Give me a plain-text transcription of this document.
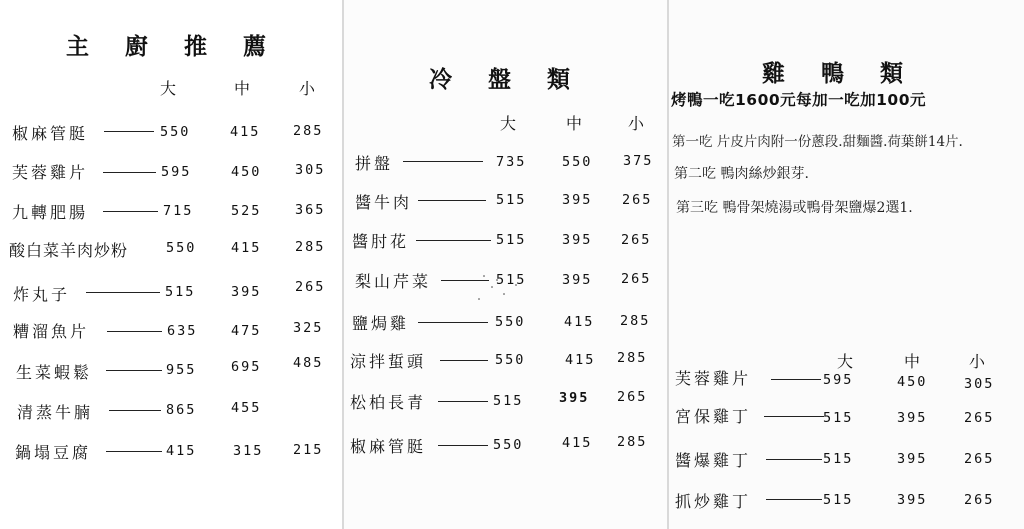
主 廚 推 薦
大	中	小
椒麻管脡	550	415 285
芙蓉雞片	595	450 305
九轉肥腸	715	525 365
酸白菜羊肉炒粉	550	415 285
炸丸子	515	395 265
糟溜魚片	635 475 325
生菜蝦鬆	955	695 485
清蒸牛腩	865	455
鍋塌豆腐	415	315 215
冷 盤 類
大	中	小
拼盤	735	550 375
醬牛肉	515	395 265
醬肘花	515	395 265
梨山芹菜	515	395 265
鹽焗雞	550	415 285
涼拌蜇頭	550	415 285
松柏長青	515	395 265
椒麻管脡	550	415 285
雞 鴨 類
烤鴨一吃1600元每加一吃加100元
第一吃 片皮片肉附一份蔥段.甜麵醬.荷葉餅14片.
第二吃 鴨肉絲炒銀芽.
第三吃 鴨骨架燒湯或鴨骨架鹽爆2選1.
大	中	小
芙蓉雞片	595	450	305
宮保雞丁	515	395	265
醬爆雞丁	515	395	265
抓炒雞丁	515	395	265
